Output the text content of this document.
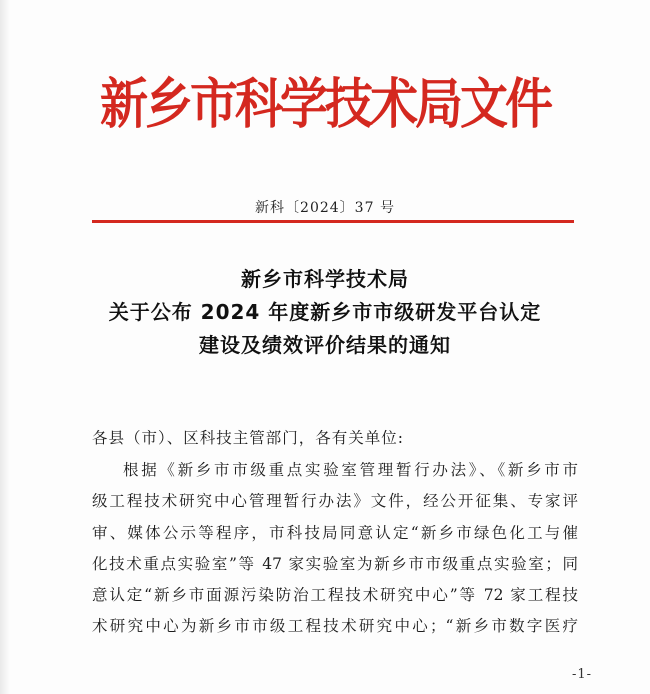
新乡市科学技术局文件
新科〔2024〕37 号
新乡市科学技术局
关于公布 2024 年度新乡市市级研发平台认定
建设及绩效评价结果的通知
各县（市）、区科技主管部门，各有关单位:
根据《新乡市市级重点实验室管理暂行办法》、《新乡市市
级工程技术研究中心管理暂行办法》文件，经公开征集、专家评
审、媒体公示等程序，市科技局同意认定“新乡市绿色化工与催
化技术重点实验室”等 47 家实验室为新乡市市级重点实验室；同
意认定“新乡市面源污染防治工程技术研究中心”等 72 家工程技
术研究中心为新乡市市级工程技术研究中心；“新乡市数字医疗
-1-
